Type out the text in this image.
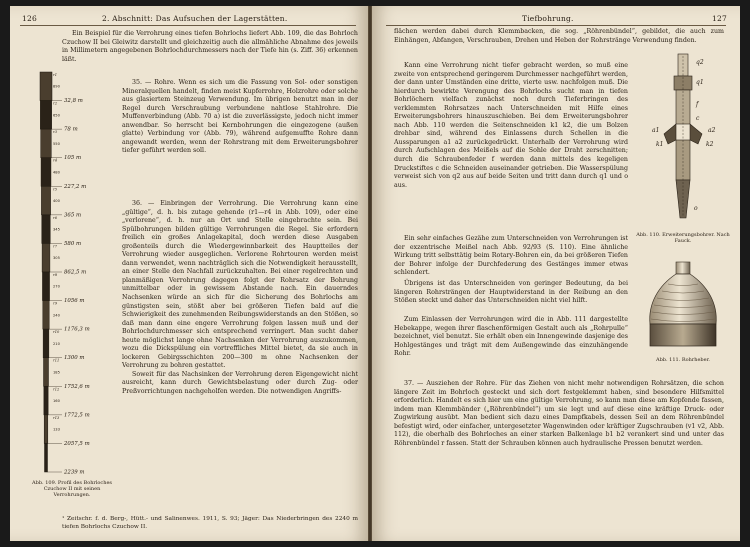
126	2. Abschnitt: Das Aufsuchen der Lagerstätten.

Ein Beispiel für die Verrohrung eines tiefen Bohrlochs liefert Abb. 109, die das Bohrloch Czuchow II bei Gleiwitz darstellt und gleichzeitig auch die allmähliche Abnahme des jeweils in Millimetern angegebenen Bohrlochdurchmessers nach der Tiefe hin (s. Ziff. 36) erkennen läßt.

32,8 m
890
r1
78 m
650
r2
105 m
550
r3
227,2 m
480
r4
365 m
400
r5
580 m
345
r6
862,5 m
305
r7
1056 m
270
r8
1176,3 m
240
r9
1300 m
210
r10
1752,6 m
185
r11
1772,5 m
160
r12
2057,5 m
133
r13
2239 m
Abb. 109. Profil des Bohrloches Czuchow II mit seinen Verrohrungen.

35. — Rohre. Wenn es sich um die Fassung von Sol- oder sonstigen Mineralquellen handelt, finden meist Kupferrohre, Holzrohre oder solche aus glasiertem Steinzeug Verwendung. Im übrigen benutzt man in der Regel durch Verschraubung verbundene nahtlose Stahlrohre. Die Muffenverbindung (Abb. 70 a) ist die zuverlässigste, jedoch nicht immer anwendbar. So herrscht bei Kernbohrungen die eingezogene (außen glatte) Verbindung vor (Abb. 79), während aufgemuffte Rohre dann angewandt werden, wenn der Rohrstrang mit dem Erweiterungsbohrer tiefer geführt werden soll.

36. — Einbringen der Verrohrung. Die Verrohrung kann eine „gültige“, d. h. bis zutage gehende (r1—r4 in Abb. 109), oder eine „verlorene“, d. h. nur an Ort und Stelle eingebrachte sein. Bei Spülbohrungen bilden gültige Verrohrungen die Regel. Sie erfordern freilich ein großes Anlagekapital, doch werden diese Ausgaben großenteils durch die Wiedergewinnbarkeit des Hauptteiles der Verrohrung wieder ausgeglichen. Verlorene Rohrtouren werden meist dann verwendet, wenn nachträglich sich die Notwendigkeit herausstellt, an einer Stelle den Nachfall zurückzuhalten. Bei einer regelrechten und planmäßigen Verrohrung dagegen folgt der Rohrsatz der Bohrung unmittelbar oder in gewissem Abstande nach. Ein dauerndes Nachsenken würde an sich für die Sicherung des Bohrlochs am günstigsten sein, stößt aber bei größeren Tiefen bald auf die Schwierigkeit des zunehmenden Reibungswiderstands an den Stößen, so daß man dann eine engere Verrohrung folgen lassen muß und der Bohrlochdurchmesser sich entsprechend verringert. Man sucht daher heute möglichst lange ohne Nachsenken der Verrohrung auszukommen, wozu die Dickspülung ein vortreffliches Mittel bietet, da sie auch in lockeren Gebirgsschichten 200—300 m ohne Nachsenken der Verrohrung zu bohren gestattet.

Soweit für das Nachsinken der Verrohrung deren Eigengewicht nicht ausreicht, kann durch Gewichtsbelastung oder durch Zug- oder Preßvorrichtungen nachgeholfen werden. Die notwendigen Angriffs-

¹ Zeitschr. f. d. Berg-, Hütt.- und Salinenwes. 1911, S. 93; Jäger: Das Niederbringen des 2240 m tiefen Bohrlochs Czuchow II.
Tiefbohrung.	127

flächen werden dabei durch Klemmbacken, die sog. „Röhrenbündel“, gebildet, die auch zum Einhängen, Abfangen, Verschrauben, Drehen und Heben der Rohrstränge Verwendung finden.

Kann eine Verrohrung nicht tiefer gebracht werden, so muß eine zweite von entsprechend geringerem Durchmesser nachgeführt werden, der dann unter Umständen eine dritte, vierte usw. nachfolgen muß. Die hierdurch bewirkte Verengung des Bohrlochs sucht man in tiefen Bohrlöchern vielfach zunächst noch durch Tieferbringen des verklemmten Rohrsatzes nach Unterschneiden mit Hilfe eines Erweiterungsbohrers hinauszuschieben. Bei dem Erweiterungsbohrer nach Abb. 110 werden die Seitenschneiden k1 k2, die um Bolzen drehbar sind, während des Einlassens durch Schellen in die Aussparungen a1 a2 zurückgedrückt. Unterhalb der Verrohrung wird durch Aufschlagen des Meißels auf die Sohle der Draht zerschnitten; durch die Schraubenfeder f werden dann mittels des kegeligen Druckstiftes c die Schneiden auseinander getrieben. Die Wasserspülung verweist sich von q2 aus auf beide Seiten und tritt dann durch q1 und o aus.

q2
q1
f
c
a1	a2
k1	k2
o
Abb. 110. Erweiterungsbohrer. Nach Fauck.

Ein sehr einfaches Gezähe zum Unterschneiden von Verrohrungen ist der exzentrische Meißel nach Abb. 92/93 (S. 110). Eine ähnliche Wirkung tritt selbsttätig beim Rotary-Bohren ein, da bei größeren Tiefen der Bohrer infolge der Durchfederung des Gestänges immer etwas schlendert.

Übrigens ist das Unterschneiden von geringer Bedeutung, da bei längeren Rohrsträngen der Hauptwiderstand in der Reibung an den Stößen steckt und daher das Unterschneiden nicht viel hilft.

Zum Einlassen der Verrohrungen wird die in Abb. 111 dargestellte Hebekappe, wegen ihrer flaschenförmigen Gestalt auch als „Rohrpulle“ bezeichnet, viel benutzt. Sie erhält oben ein Innengewinde dasjenige des Hohlgestänges und trägt mit dem Außengewinde das einzuhängende Rohr.

Abb. 111. Rohrheber.

37. — Ausziehen der Rohre. Für das Ziehen von nicht mehr notwendigen Rohrsätzen, die schon längere Zeit im Bohrloch gesteckt und sich dort festgeklemmt haben, sind besondere Hilfsmittel erforderlich. Handelt es sich hier um eine gültige Verrohrung, so kann man diese am Kopfende fassen, indem man Klemmbänder („Röhrenbündel“) um sie legt und auf diese eine kräftige Druck- oder Zugwirkung ausübt. Man bedient sich dazu eines Dampfkabels, dessen Seil an dem Röhrenbündel befestigt wird, oder einfacher, untergesetzter Wagenwinden oder kräftiger Zugschrauben (v1 v2, Abb. 112), die oberhalb des Bohrloches an einer starken Balkenlage b1 b2 verankert sind und unter das Röhrenbündel r fassen. Statt der Schrauben können auch hydraulische Pressen benutzt werden.
